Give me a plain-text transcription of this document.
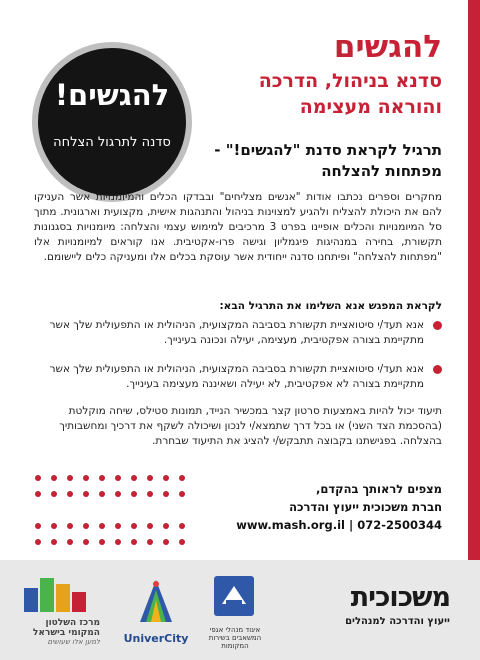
להגשים
סדנא בניהול, הדרכה והוראה מעצימה
תרגיל לקראת סדנת "להגשים!" - מפתחות להצלחה
להגשים!
סדנה לתרגול הצלחה

מחקרים וספרים נכתבו אודות "אנשים מצליחים" ובבדקו הכלים והמיומנויות אשר העניקו להם את היכולת להצליח ולהגיע למצוינות בניהול והתנהגות אישית, מקצועית וארגונית. מתוך סל המיומנויות והכלים אופיינו בפרט 3 מרכיבים למימוש עצמי והצלחה: מיומנויות בסגנונות תקשורת, בחירה במנהיגות פיגמליון וגישה פרו-אקטיבית. אנו קוראים למיומנויות אלו "מפתחות להצלחה" ופיתחנו סדנה ייחודית אשר עוסקת בכלים אלו ומעניקה כלים ליישומם.

לקראת המפגש אנא השלימו את התרגיל הבא:
אנא תעד/י סיטואציית תקשורת בסביבה המקצועית, הניהולית או התפעולית שלך אשר מתקיימת בצורה אפקטיבית, מעצימה, יעילה ונכונה בעינייך.
אנא תעד/י סיטואציית תקשורת בסביבה המקצועית, הניהולית או התפעולית שלך אשר מתקיימת בצורה לא אפקטיבית, לא יעילה ושאיננה מעצימה בעינייך.

תיעוד יכול להיות באמצעות סרטון קצר במכשיר הנייד, תמונות סטילס, שיחה מוקלטת (בהסכמת הצד השני) או בכל דרך שתמצא/י לנכון ושיכולה לשקף את דרכיך ומחשבותיך בהצלחה. בפגישתנו בקבוצה תתבקש/י להציג את התיעוד שבחרת.

מצפים לראותך בהקדם,
חברת משכוכית ייעוץ והדרכה
www.mash.org.il | 072-2500344
משכוכית
ייעוץ והדרכה למנהלים
איגוד מנהלי אגפי המשאבים בשירות המקומות
UniverCity
מרכז השלטון המקומי בישראל
למען אלו שעושים
